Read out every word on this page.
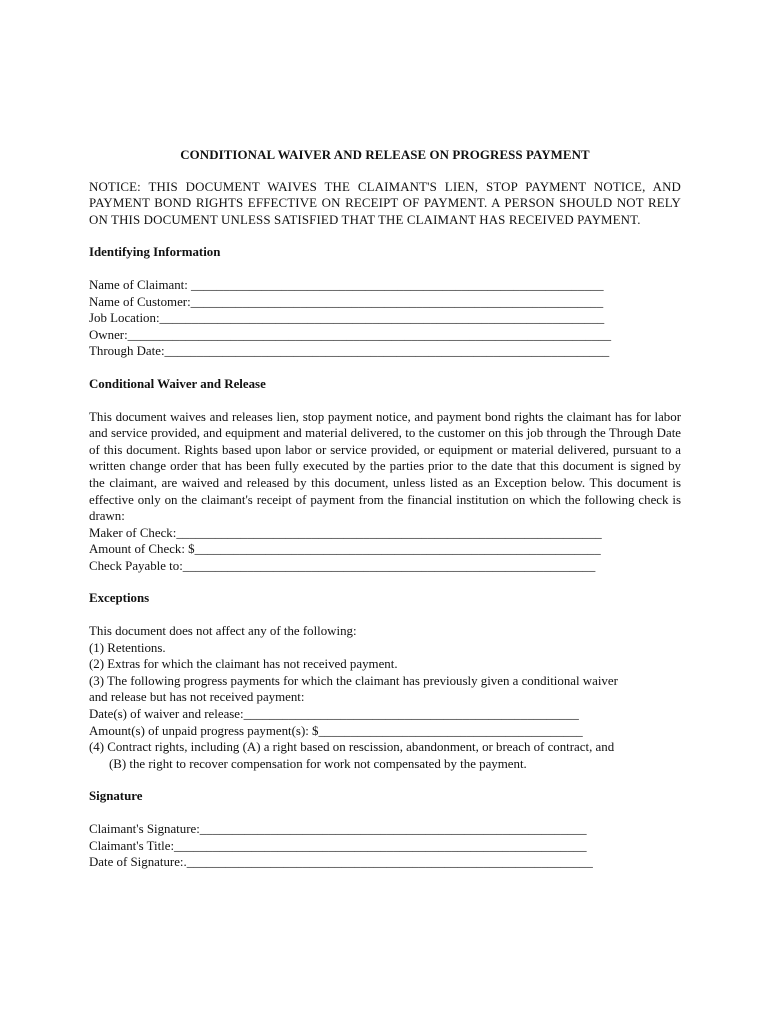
CONDITIONAL WAIVER AND RELEASE ON PROGRESS PAYMENT
NOTICE: THIS DOCUMENT WAIVES THE CLAIMANT'S LIEN, STOP PAYMENT NOTICE, AND PAYMENT BOND RIGHTS EFFECTIVE ON RECEIPT OF PAYMENT. A PERSON SHOULD NOT RELY ON THIS DOCUMENT UNLESS SATISFIED THAT THE CLAIMANT HAS RECEIVED PAYMENT.
Identifying Information
Name of Claimant: ________________________________________________________________
Name of Customer:________________________________________________________________
Job Location:_____________________________________________________________________
Owner:___________________________________________________________________________
Through Date:_____________________________________________________________________
Conditional Waiver and Release
This document waives and releases lien, stop payment notice, and payment bond rights the claimant has for labor and service provided, and equipment and material delivered, to the customer on this job through the Through Date of this document. Rights based upon labor or service provided, or equipment or material delivered, pursuant to a written change order that has been fully executed by the parties prior to the date that this document is signed by the claimant, are waived and released by this document, unless listed as an Exception below. This document is effective only on the claimant's receipt of payment from the financial institution on which the following check is drawn:
Maker of Check:__________________________________________________________________
Amount of Check: $_______________________________________________________________
Check Payable to:________________________________________________________________
Exceptions
This document does not affect any of the following:
(1) Retentions.
(2) Extras for which the claimant has not received payment.
(3) The following progress payments for which the claimant has previously given a conditional waiver
and release but has not received payment:
Date(s) of waiver and release:____________________________________________________
Amount(s) of unpaid progress payment(s): $_________________________________________
(4) Contract rights, including (A) a right based on rescission, abandonment, or breach of contract, and
(B) the right to recover compensation for work not compensated by the payment.
Signature
Claimant's Signature:____________________________________________________________
Claimant's Title:________________________________________________________________
Date of Signature:._______________________________________________________________
